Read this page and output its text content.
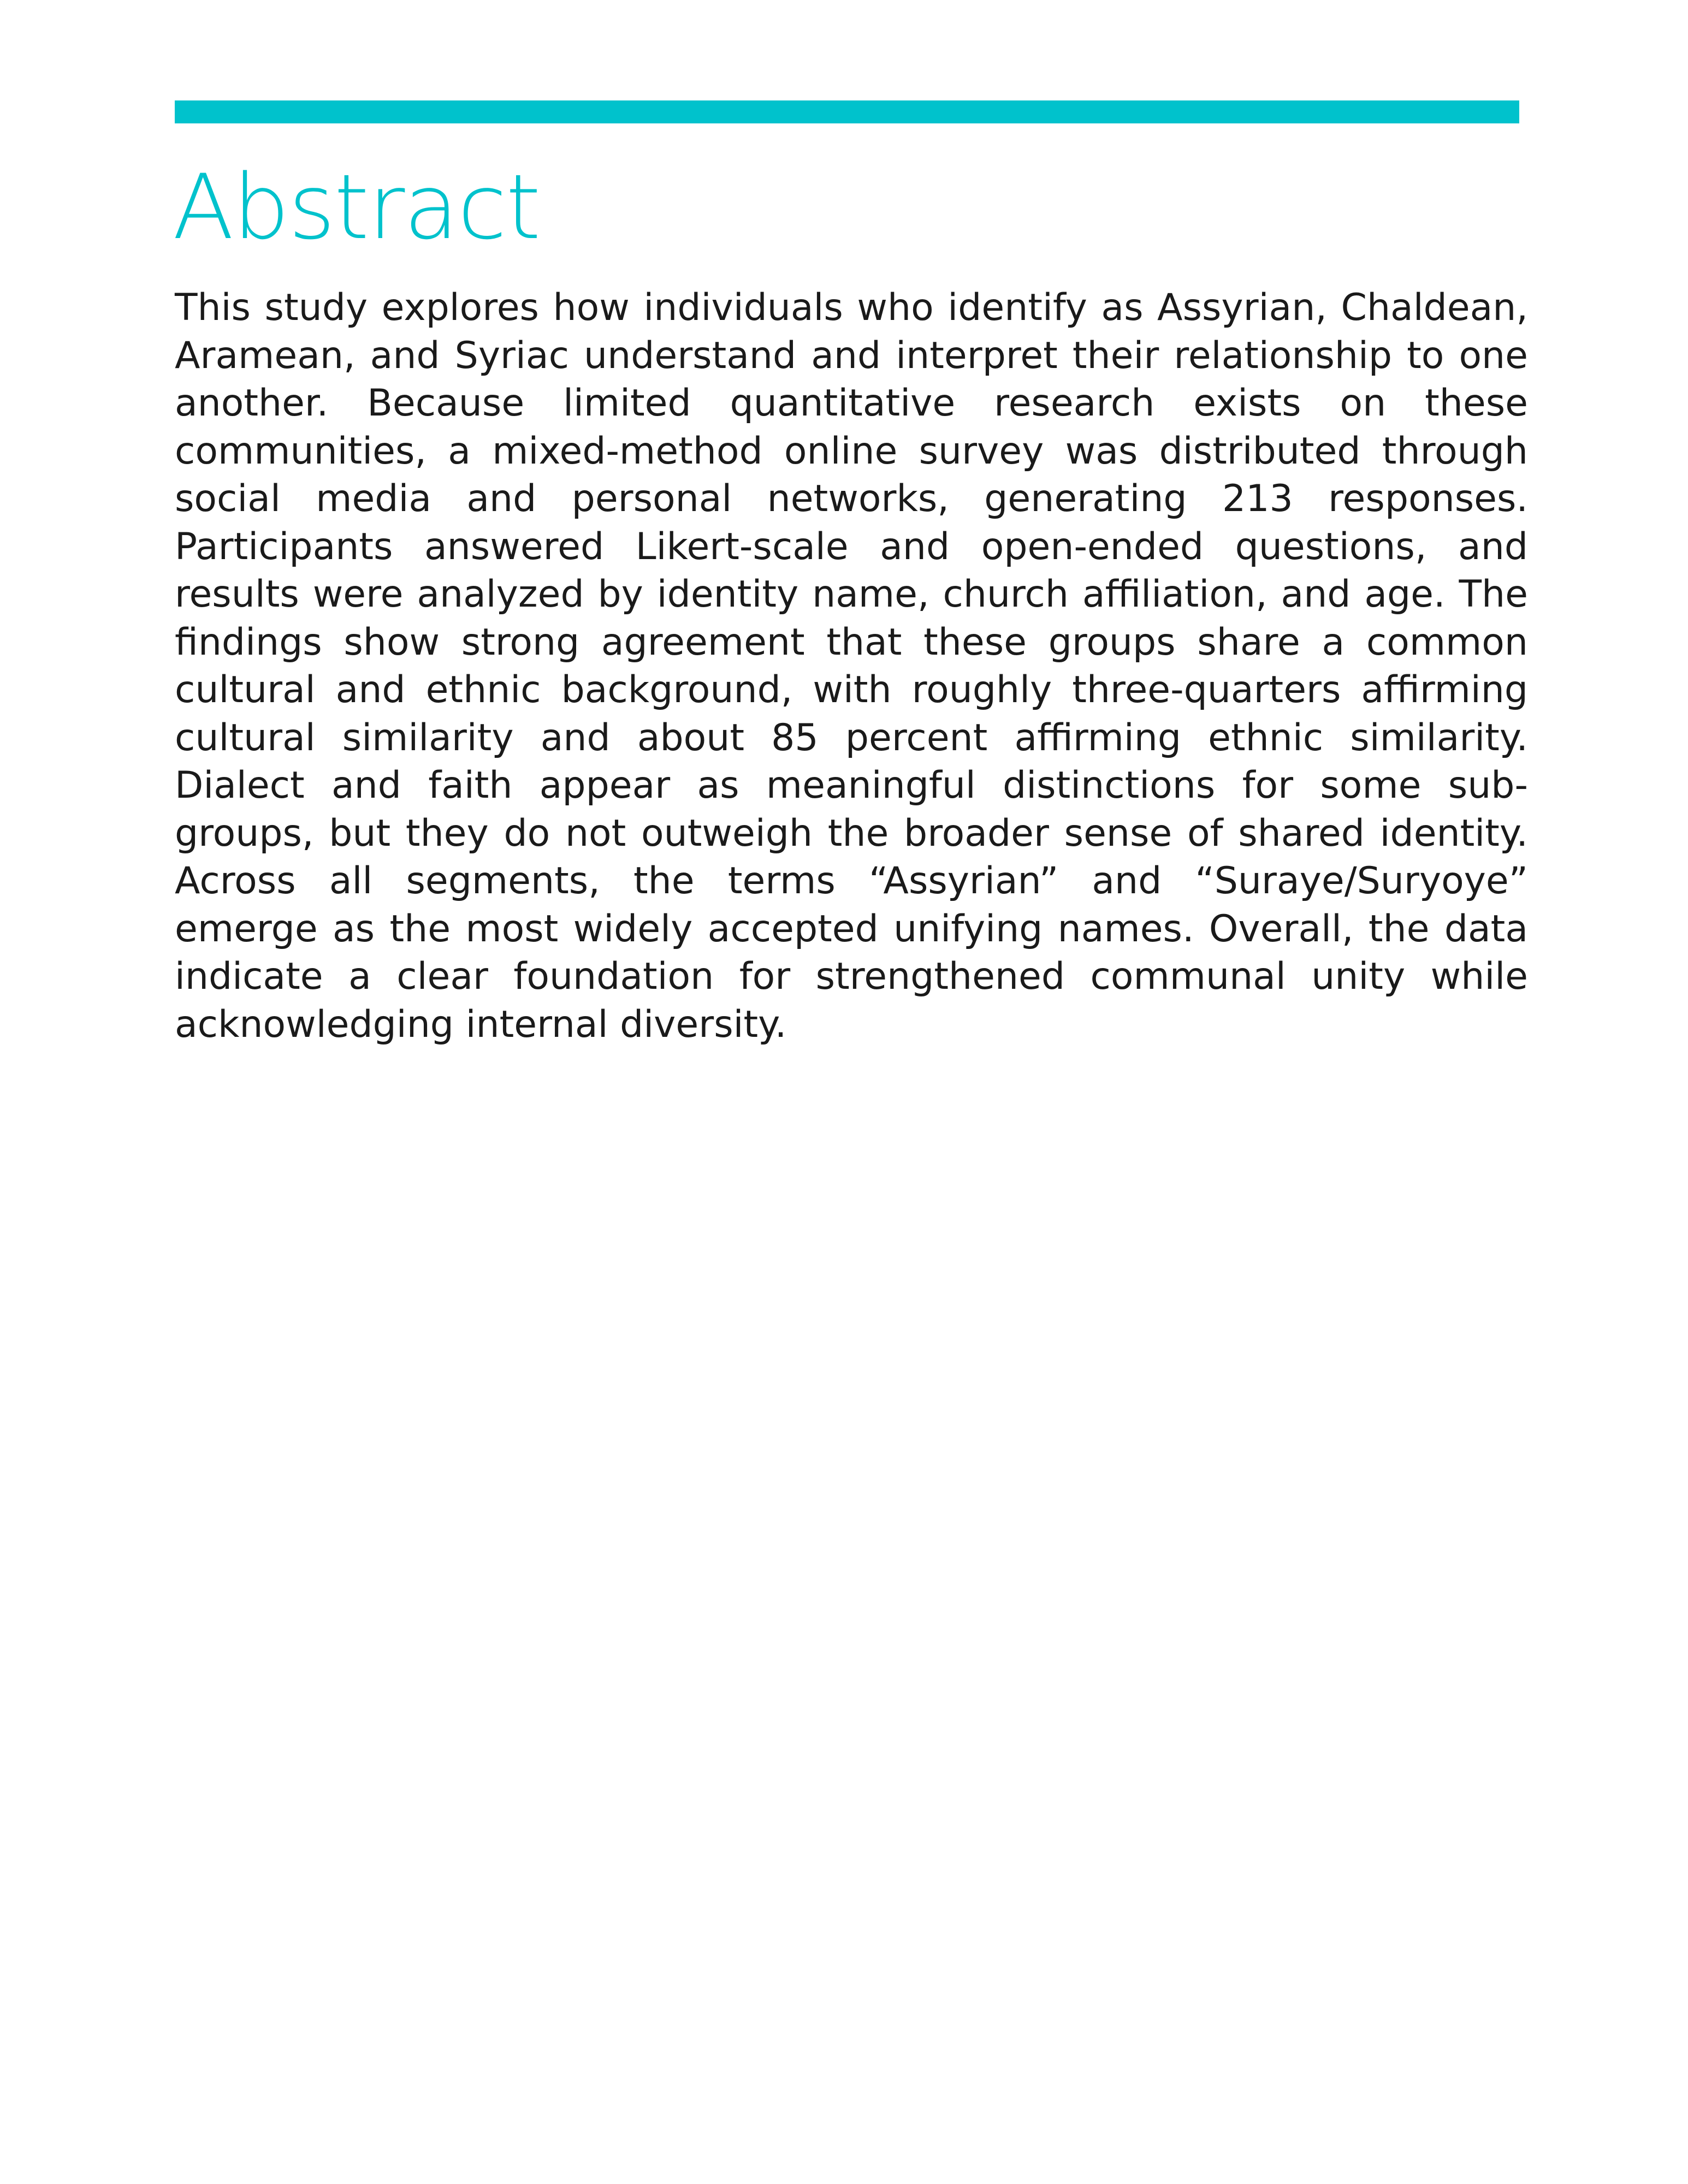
Abstract

This study explores how individuals who identify as Assyrian, Chaldean, Aramean, and Syriac understand and interpret their relationship to one another. Because limited quantitative research exists on these communities, a mixed-method online survey was distributed through social media and personal networks, generating 213 responses. Participants answered Likert-scale and open-ended questions, and results were analyzed by identity name, church affiliation, and age. The findings show strong agreement that these groups share a common cultural and ethnic background, with roughly three-quarters affirming cultural similarity and about 85 percent affirming ethnic similarity. Dialect and faith appear as meaningful distinctions for some sub-groups, but they do not outweigh the broader sense of shared identity. Across all segments, the terms “Assyrian” and “Suraye/Suryoye” emerge as the most widely accepted unifying names. Overall, the data indicate a clear foundation for strengthened communal unity while acknowledging internal diversity.
